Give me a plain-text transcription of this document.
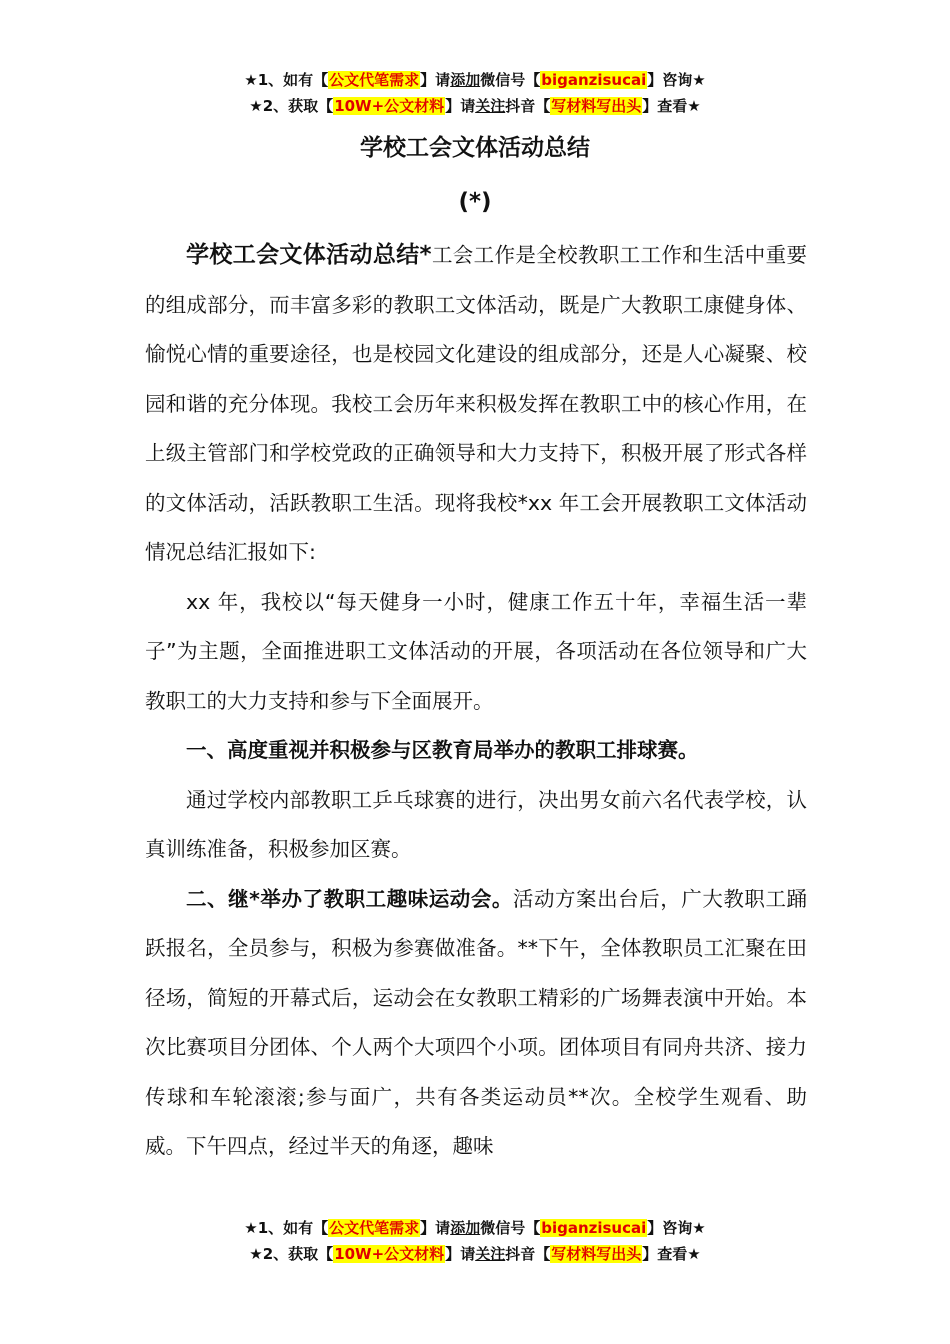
★1、如有【公文代笔需求】请添加微信号【biganzisucai】咨询★
★2、获取【10W+公文材料】请关注抖音【写材料写出头】查看★
学校工会文体活动总结
(*)

学校工会文体活动总结*工会工作是全校教职工工作和生活中重要的组成部分，而丰富多彩的教职工文体活动，既是广大教职工康健身体、愉悦心情的重要途径，也是校园文化建设的组成部分，还是人心凝聚、校园和谐的充分体现。我校工会历年来积极发挥在教职工中的核心作用，在上级主管部门和学校党政的正确领导和大力支持下，积极开展了形式各样的文体活动，活跃教职工生活。现将我校*xx 年工会开展教职工文体活动情况总结汇报如下:

xx 年，我校以“每天健身一小时，健康工作五十年，幸福生活一辈子”为主题，全面推进职工文体活动的开展，各项活动在各位领导和广大教职工的大力支持和参与下全面展开。

一、高度重视并积极参与区教育局举办的教职工排球赛。

通过学校内部教职工乒乓球赛的进行，决出男女前六名代表学校，认真训练准备，积极参加区赛。

二、继*举办了教职工趣味运动会。活动方案出台后，广大教职工踊跃报名，全员参与，积极为参赛做准备。**下午，全体教职员工汇聚在田径场，简短的开幕式后，运动会在女教职工精彩的广场舞表演中开始。本次比赛项目分团体、个人两个大项四个小项。团体项目有同舟共济、接力传球和车轮滚滚;参与面广，共有各类运动员**次。全校学生观看、助威。下午四点，经过半天的角逐，趣味

★1、如有【公文代笔需求】请添加微信号【biganzisucai】咨询★
★2、获取【10W+公文材料】请关注抖音【写材料写出头】查看★
